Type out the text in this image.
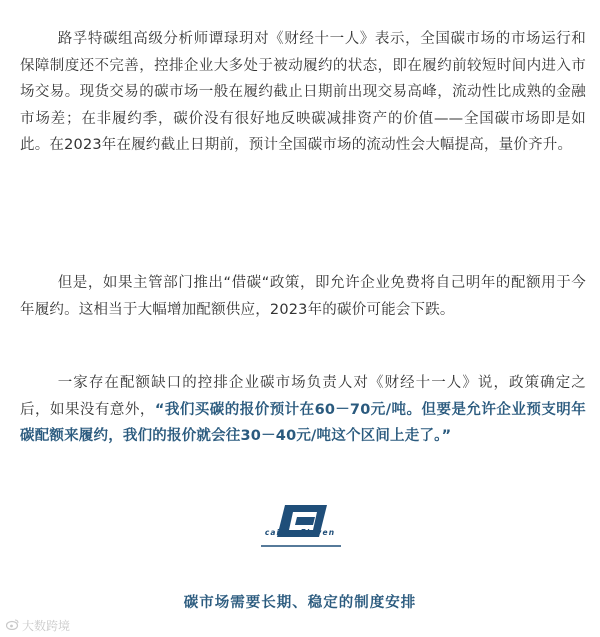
路孚特碳组高级分析师谭琭玥对《财经十一人》表示，全国碳市场的市场运行和保障制度还不完善，控排企业大多处于被动履约的状态，即在履约前较短时间内进入市场交易。现货交易的碳市场一般在履约截止日期前出现交易高峰，流动性比成熟的金融市场差；在非履约季，碳价没有很好地反映碳减排资产的价值——全国碳市场即是如此。在2023年在履约截止日期前，预计全国碳市场的流动性会大幅提高，量价齐升。

但是，如果主管部门推出“借碳“政策，即允许企业免费将自己明年的配额用于今年履约。这相当于大幅增加配额供应，2023年的碳价可能会下跌。

一家存在配额缺口的控排企业碳市场负责人对《财经十一人》说，政策确定之后，如果没有意外，“我们买碳的报价预计在60－70元/吨。但要是允许企业预支明年碳配额来履约，我们的报价就会往30－40元/吨这个区间上走了。”

caijingEleven
碳市场需要长期、稳定的制度安排
大数跨境
